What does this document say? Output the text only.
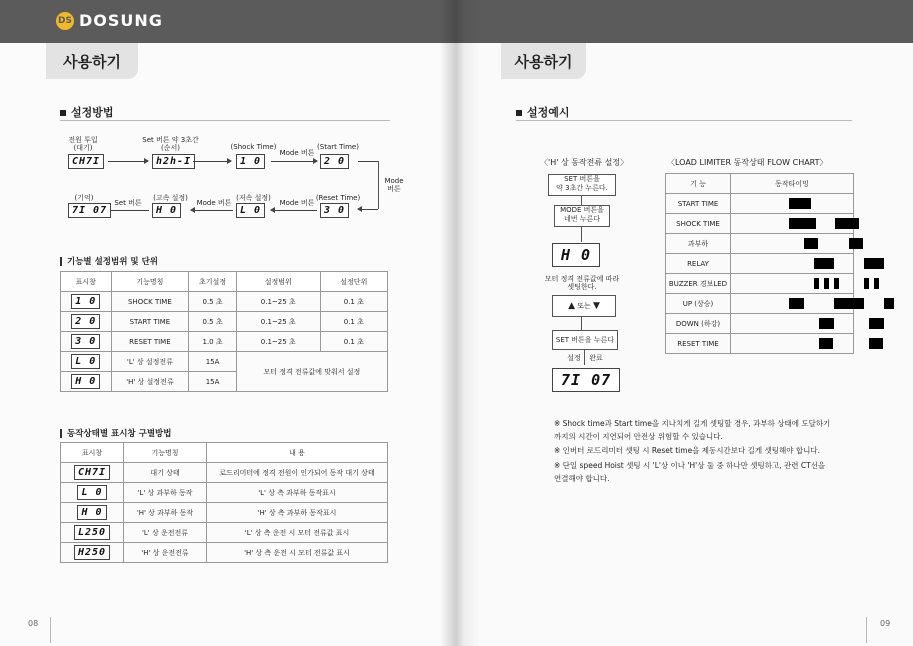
DS DOSUNG
사용하기
설정방법
전원 투입
(대기)
CH7I
Set 버튼 약 3초간
(순서)
h2h-I
(Shock Time)
1 0
Mode 버튼
(Start Time)
2 0
Mode
버튼
(Reset Time)
3 0
Mode 버튼
(저속 설정)
L 0
Mode 버튼
(고속 설정)
H 0
Set 버튼
(기억)
7I 07
기능별 설정범위 및 단위
표시창	기능명칭	초기설정	설정범위	설정단위
1 0	SHOCK TIME	0.5 초	0.1~25 초	0.1 초
2 0	START TIME	0.5 초	0.1~25 초	0.1 초
3 0	RESET TIME	1.0 초	0.1~25 초	0.1 초
L 0	'L' 상 설정전류	15A	모터 정격 전류값에 맞춰서 설정	
H 0	'H' 상 설정전류	15A		
동작상태별 표시창 구별방법
표시창	기능명칭	내 용
CH7I	대기 상태	로드리미터에 정격 전원이 인가되어 동작 대기 상태
L 0	'L' 상 과부하 동작	'L' 상 측 과부하 동작표시
H 0	'H' 상 과부하 동작	'H' 상 측 과부하 동작표시
L250	'L' 상 운전전류	'L' 상 측 운전 시 모터 전류값 표시
H250	'H' 상 운전전류	'H' 상 측 운전 시 모터 전류값 표시
08
사용하기
설정예시
〈'H' 상 동작전류 설정〉
SET 버튼을
약 3초간 누른다.
MODE 버튼을
네번 누른다
H 0
모터 정격 전류값에 따라
셋팅한다.
▲ 또는 ▼
SET 버튼을 누른다
설정	완료
7I 07
〈LOAD LIMITER 동작상태 FLOW CHART〉
기 능	동작타이밍
START TIME	

SHOCK TIME	

과부하	

RELAY	

BUZZER 경보LED	

UP (상승)	

DOWN (하강)	

RESET TIME	
※ Shock time과 Start time을 지나치게 길게 셋팅할 경우, 과부하 상태에 도달하기
까지의 시간이 지연되어 안전상 위험할 수 있습니다.
※ 인버터 로드리미터 셋팅 시 Reset time을 제동시간보다 길게 셋팅해야 합니다.
※ 단일 speed Hoist 셋팅 시 'L'상 이나 'H'상 둘 중 하나만 셋팅하고, 관련 CT선을
연결해야 합니다.
09
